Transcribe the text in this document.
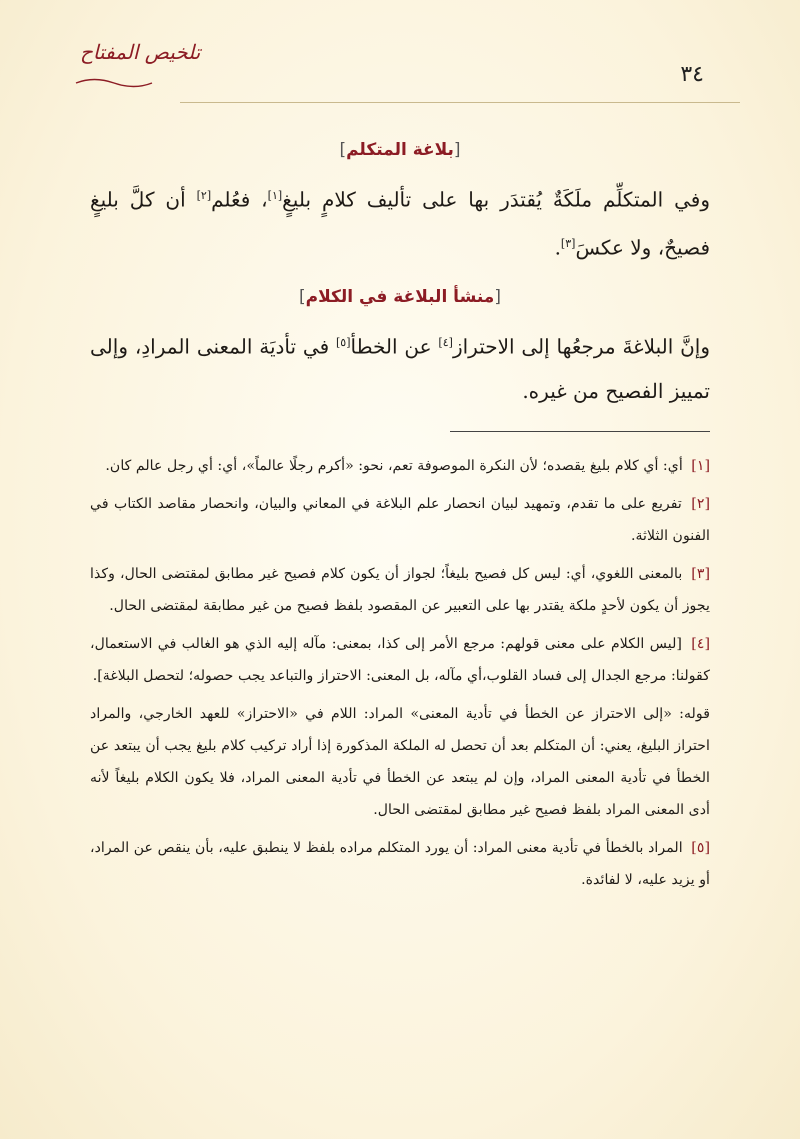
تلخيص المفتاح
٣٤
[بلاغة المتكلم]

وفي المتكلِّم ملَكَةٌ يُقتدَر بها على تأليف كلامٍ بليغٍ[١]، فعُلم[٢] أن كلَّ بليغٍ فصيحٌ، ولا عكسَ[٣].

[منشأ البلاغة في الكلام]

وإنَّ البلاغةَ مرجعُها إلى الاحتراز[٤] عن الخطأ[٥] في تأديَة المعنى المرادِ، وإلى تمييز الفصيح من غيره.

[١] أي: أي كلام بليغ يقصده؛ لأن النكرة الموصوفة تعم، نحو: «أكرم رجلًا عالماً»، أي: أي رجل عالم كان.

[٢] تفريع على ما تقدم، وتمهيد لبيان انحصار علم البلاغة في المعاني والبيان، وانحصار مقاصد الكتاب في الفنون الثلاثة.

[٣] بالمعنى اللغوي، أي: ليس كل فصيح بليغاً؛ لجواز أن يكون كلام فصيح غير مطابق لمقتضى الحال، وكذا يجوز أن يكون لأحدٍ ملكة يقتدر بها على التعبير عن المقصود بلفظ فصيح من غير مطابقة لمقتضى الحال.

[٤] [ليس الكلام على معنى قولهم: مرجع الأمر إلى كذا، بمعنى: مآله إليه الذي هو الغالب في الاستعمال، كقولنا: مرجع الجدال إلى فساد القلوب،أي مآله، بل المعنى: الاحتراز والتباعد يجب حصوله؛ لتحصل البلاغة].

قوله: «إلى الاحتراز عن الخطأ في تأدية المعنى» المراد: اللام في «الاحتراز» للعهد الخارجي، والمراد احتراز البليغ، يعني: أن المتكلم بعد أن تحصل له الملكة المذكورة إذا أراد تركيب كلام بليغ يجب أن يبتعد عن الخطأ في تأدية المعنى المراد، وإن لم يبتعد عن الخطأ في تأدية المعنى المراد، فلا يكون الكلام بليغاً لأنه أدى المعنى المراد بلفظ فصيح غير مطابق لمقتضى الحال.

[٥] المراد بالخطأ في تأدية معنى المراد: أن يورد المتكلم مراده بلفظ لا ينطبق عليه، بأن ينقص عن المراد، أو يزيد عليه، لا لفائدة.
